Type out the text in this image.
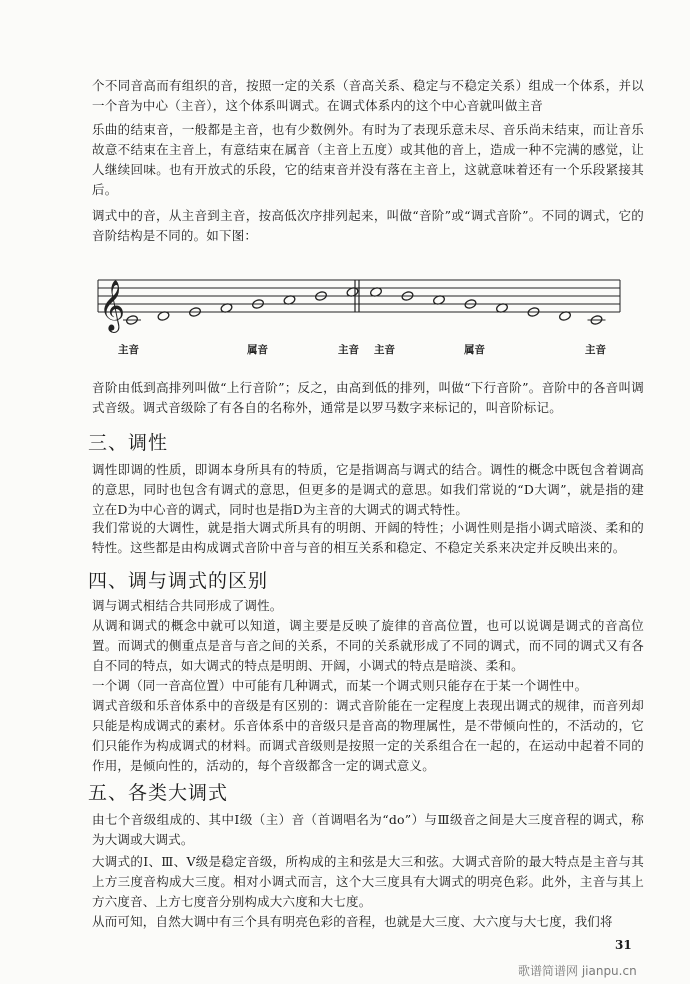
个不同音高而有组织的音，按照一定的关系（音高关系、稳定与不稳定关系）组成一个体系，并以一个音为中心（主音），这个体系叫调式。在调式体系内的这个中心音就叫做主音

乐曲的结束音，一般都是主音，也有少数例外。有时为了表现乐意未尽、音乐尚未结束，而让音乐故意不结束在主音上，有意结束在属音（主音上五度）或其他的音上，造成一种不完满的感觉，让人继续回味。也有开放式的乐段，它的结束音并没有落在主音上，这就意味着还有一个乐段紧接其后。

调式中的音，从主音到主音，按高低次序排列起来，叫做“音阶”或“调式音阶”。不同的调式，它的音阶结构是不同的。如下图：

𝄞
主音	属音	主音 主音	属音	主音

音阶由低到高排列叫做“上行音阶”；反之，由高到低的排列，叫做“下行音阶”。音阶中的各音叫调式音级。调式音级除了有各自的名称外，通常是以罗马数字来标记的，叫音阶标记。

三、调性

调性即调的性质，即调本身所具有的特质，它是指调高与调式的结合。调性的概念中既包含着调高的意思，同时也包含有调式的意思，但更多的是调式的意思。如我们常说的“D大调”，就是指的建立在D为中心音的调式，同时也是指D为主音的大调式的调式特性。

我们常说的大调性，就是指大调式所具有的明朗、开阔的特性；小调性则是指小调式暗淡、柔和的特性。这些都是由构成调式音阶中音与音的相互关系和稳定、不稳定关系来决定并反映出来的。

四、调与调式的区别

调与调式相结合共同形成了调性。

从调和调式的概念中就可以知道，调主要是反映了旋律的音高位置，也可以说调是调式的音高位置。而调式的侧重点是音与音之间的关系，不同的关系就形成了不同的调式，而不同的调式又有各自不同的特点，如大调式的特点是明朗、开阔，小调式的特点是暗淡、柔和。

一个调（同一音高位置）中可能有几种调式，而某一个调式则只能存在于某一个调性中。

调式音级和乐音体系中的音级是有区别的：调式音阶能在一定程度上表现出调式的规律，而音列却只能是构成调式的素材。乐音体系中的音级只是音高的物理属性，是不带倾向性的，不活动的，它们只能作为构成调式的材料。而调式音级则是按照一定的关系组合在一起的，在运动中起着不同的作用，是倾向性的，活动的，每个音级都含一定的调式意义。

五、各类大调式

由七个音级组成的、其中Ⅰ级（主）音（首调唱名为“do”）与Ⅲ级音之间是大三度音程的调式，称为大调或大调式。

大调式的Ⅰ、Ⅲ、Ⅴ级是稳定音级，所构成的主和弦是大三和弦。大调式音阶的最大特点是主音与其上方三度音构成大三度。相对小调式而言，这个大三度具有大调式的明亮色彩。此外，主音与其上方六度音、上方七度音分别构成大六度和大七度。

从而可知，自然大调中有三个具有明亮色彩的音程，也就是大三度、大六度与大七度，我们将

31
歌谱简谱网 jianpu.cn
